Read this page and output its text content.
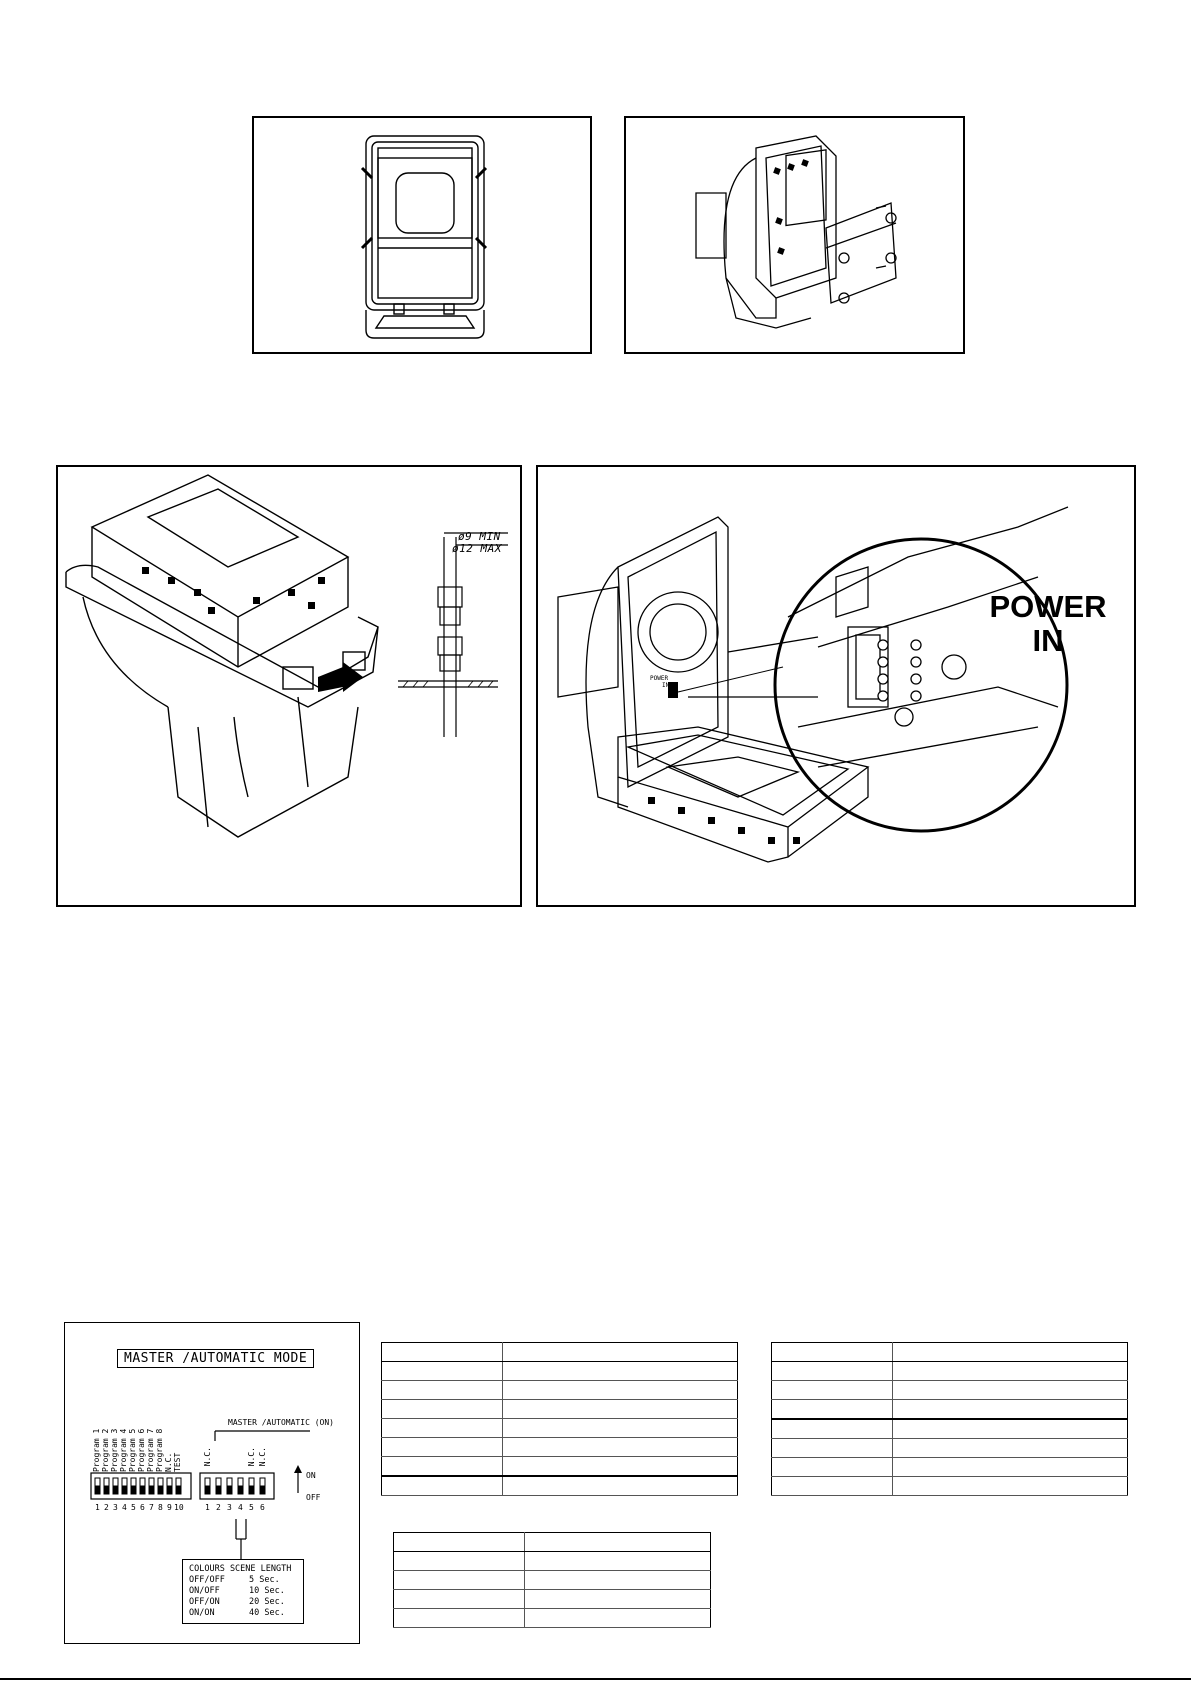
ø9 MIN
ø12 MAX
POWER
IN
POWER
IN
MASTER /AUTOMATIC MODE
MASTER /AUTOMATIC (ON)
Program 1 Program 2 Program 3 Program 4 Program 5 Program 6 Program 7 Program 8 N.C. TEST	N.C.	N.C. N.C.
1 2 3 4 5 6 7 8 9 10	1 2 3 4 5 6
ON
OFF
COLOURS SCENE LENGTH
OFF/OFF	5 Sec.
ON/OFF	10 Sec.
OFF/ON	20 Sec.
ON/ON	40 Sec.
